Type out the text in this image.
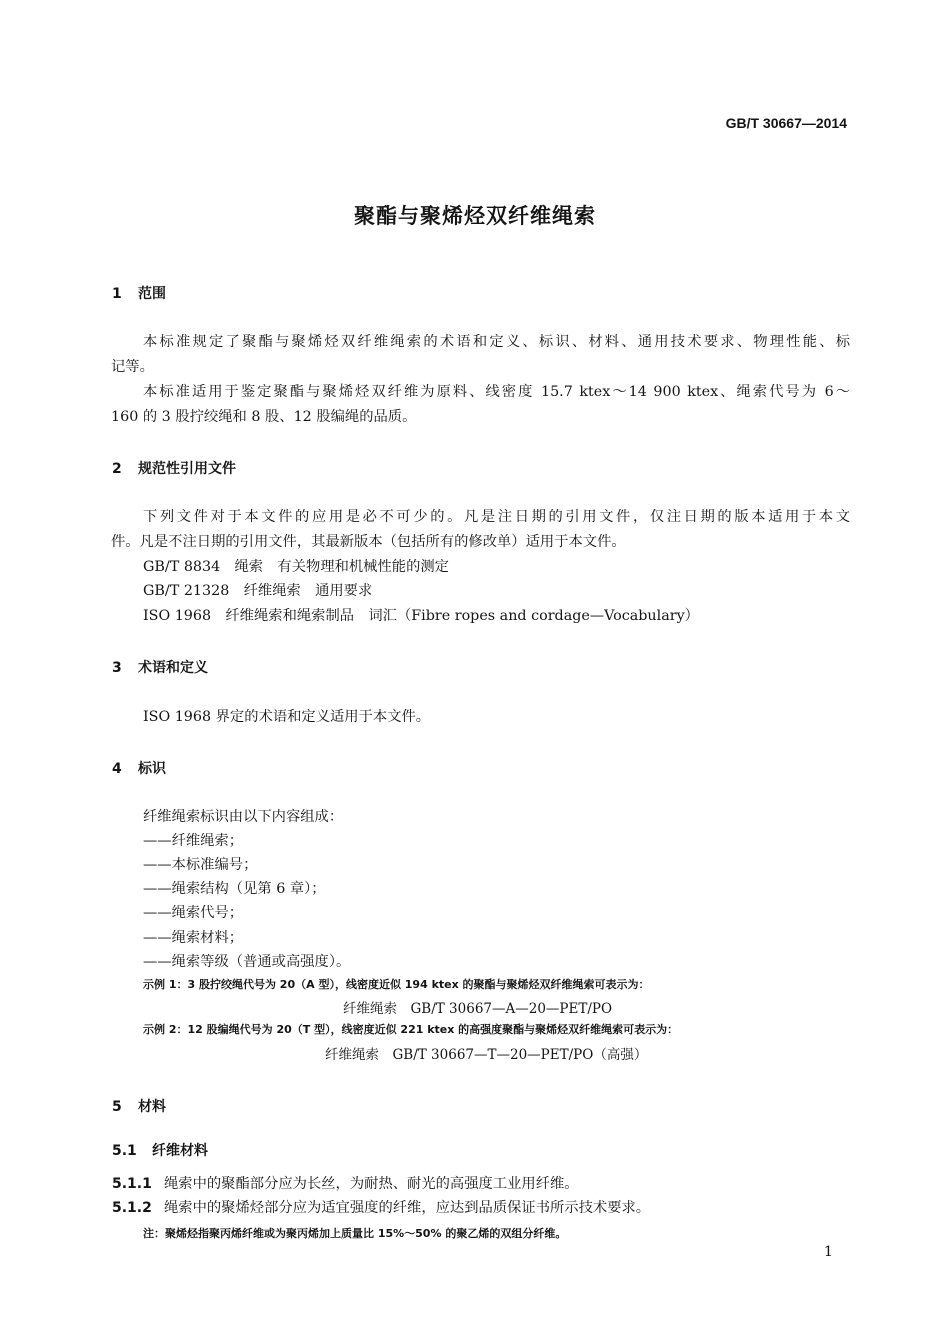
GB/T 30667—2014
聚酯与聚烯烃双纤维绳索
1 范围
本标准规定了聚酯与聚烯烃双纤维绳索的术语和定义、标识、材料、通用技术要求、物理性能、标
记等。
本标准适用于鉴定聚酯与聚烯烃双纤维为原料、线密度 15.7 ktex～14 900 ktex、绳索代号为 6～
160 的 3 股拧绞绳和 8 股、12 股编绳的品质。
2 规范性引用文件
下列文件对于本文件的应用是必不可少的。凡是注日期的引用文件，仅注日期的版本适用于本文
件。凡是不注日期的引用文件，其最新版本（包括所有的修改单）适用于本文件。
GB/T 8834　绳索　有关物理和机械性能的测定
GB/T 21328　纤维绳索　通用要求
ISO 1968　纤维绳索和绳索制品　词汇（Fibre ropes and cordage—Vocabulary）
3 术语和定义
ISO 1968 界定的术语和定义适用于本文件。
4 标识
纤维绳索标识由以下内容组成：
——纤维绳索；
——本标准编号；
——绳索结构（见第 6 章）；
——绳索代号；
——绳索材料；
——绳索等级（普通或高强度）。
示例 1：3 股拧绞绳代号为 20（A 型），线密度近似 194 ktex 的聚酯与聚烯烃双纤维绳索可表示为：
纤维绳索　GB/T 30667—A—20—PET/PO
示例 2：12 股编绳代号为 20（T 型），线密度近似 221 ktex 的高强度聚酯与聚烯烃双纤维绳索可表示为：
纤维绳索　GB/T 30667—T—20—PET/PO（高强）
5 材料
5.1 纤维材料
5.1.1 绳索中的聚酯部分应为长丝，为耐热、耐光的高强度工业用纤维。
5.1.2 绳索中的聚烯烃部分应为适宜强度的纤维，应达到品质保证书所示技术要求。
注：聚烯烃指聚丙烯纤维或为聚丙烯加上质量比 15%～50% 的聚乙烯的双组分纤维。
1
